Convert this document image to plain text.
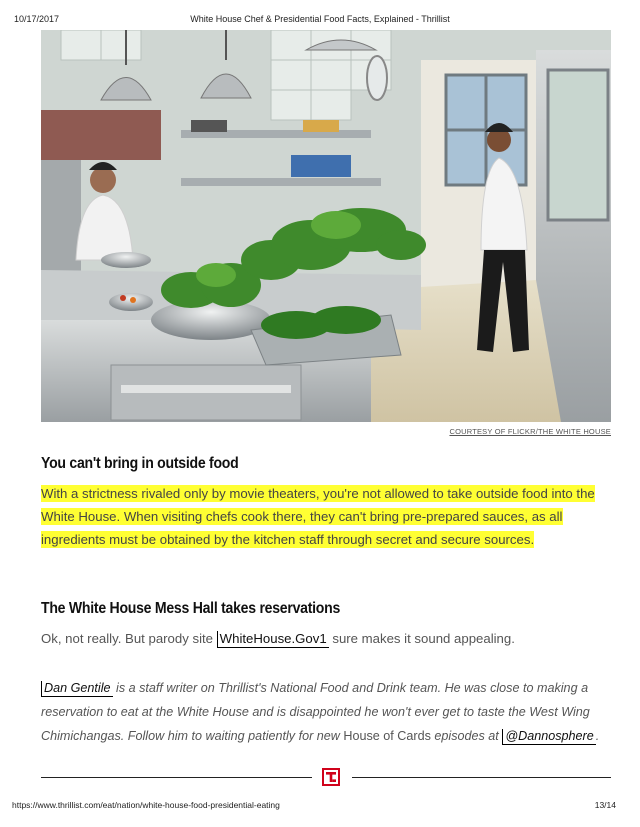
10/17/2017	White House Chef & Presidential Food Facts, Explained - Thrillist
COURTESY OF FLICKR/THE WHITE HOUSE
You can't bring in outside food

With a strictness rivaled only by movie theaters, you're not allowed to take outside food into the
White House. When visiting chefs cook there, they can't bring pre-prepared sauces, as all
ingredients must be obtained by the kitchen staff through secret and secure sources.

The White House Mess Hall takes reservations

Ok, not really. But parody site WhiteHouse.Gov1 sure makes it sound appealing.

Dan Gentile is a staff writer on Thrillist's National Food and Drink team. He was close to making a
reservation to eat at the White House and is disappointed he won't ever get to taste the West Wing
Chimichangas. Follow him to waiting patiently for new House of Cards episodes at @Dannosphere .

https://www.thrillist.com/eat/nation/white-house-food-presidential-eating	13/14
